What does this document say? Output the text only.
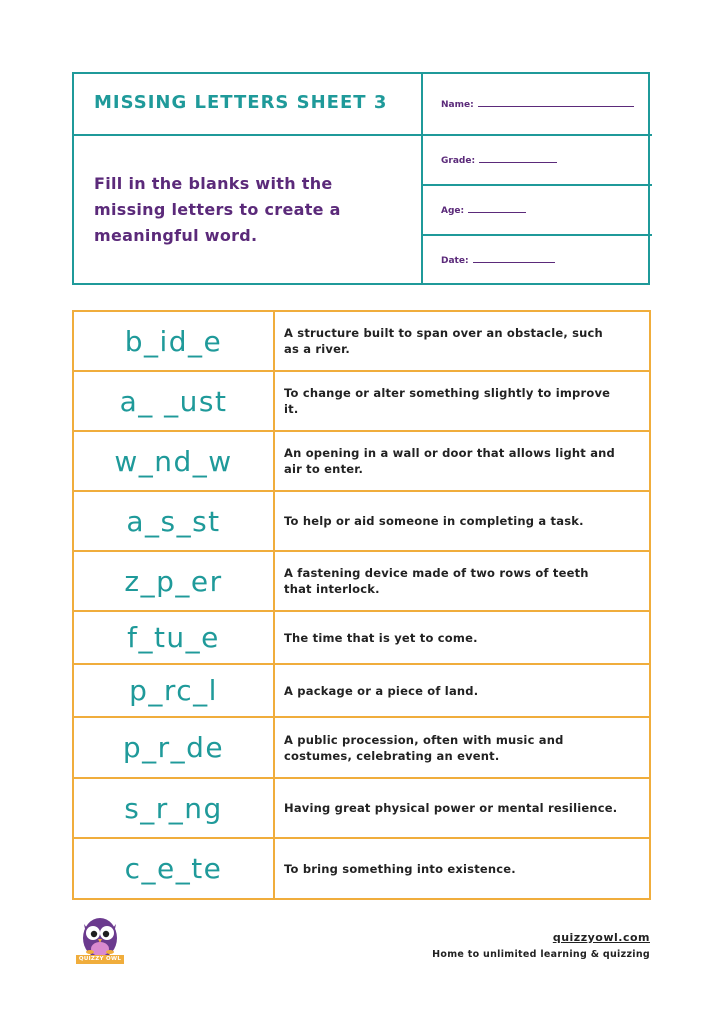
MISSING LETTERS SHEET 3
Fill in the blanks with the missing letters to create a meaningful word.
Name:
Grade:
Age:
Date:
b_id_e	A structure built to span over an obstacle, such as a river.
a_ _ust	To change or alter something slightly to improve it.
w_nd_w	An opening in a wall or door that allows light and air to enter.
a_s_st	To help or aid someone in completing a task.
z_p_er	A fastening device made of two rows of teeth that interlock.
f_tu_e	The time that is yet to come.
p_rc_l	A package or a piece of land.
p_r_de	A public procession, often with music and costumes, celebrating an event.
s_r_ng	Having great physical power or mental resilience.
c_e_te	To bring something into existence.
QUIZZY OWL
quizzyowl.com
Home to unlimited learning & quizzing
